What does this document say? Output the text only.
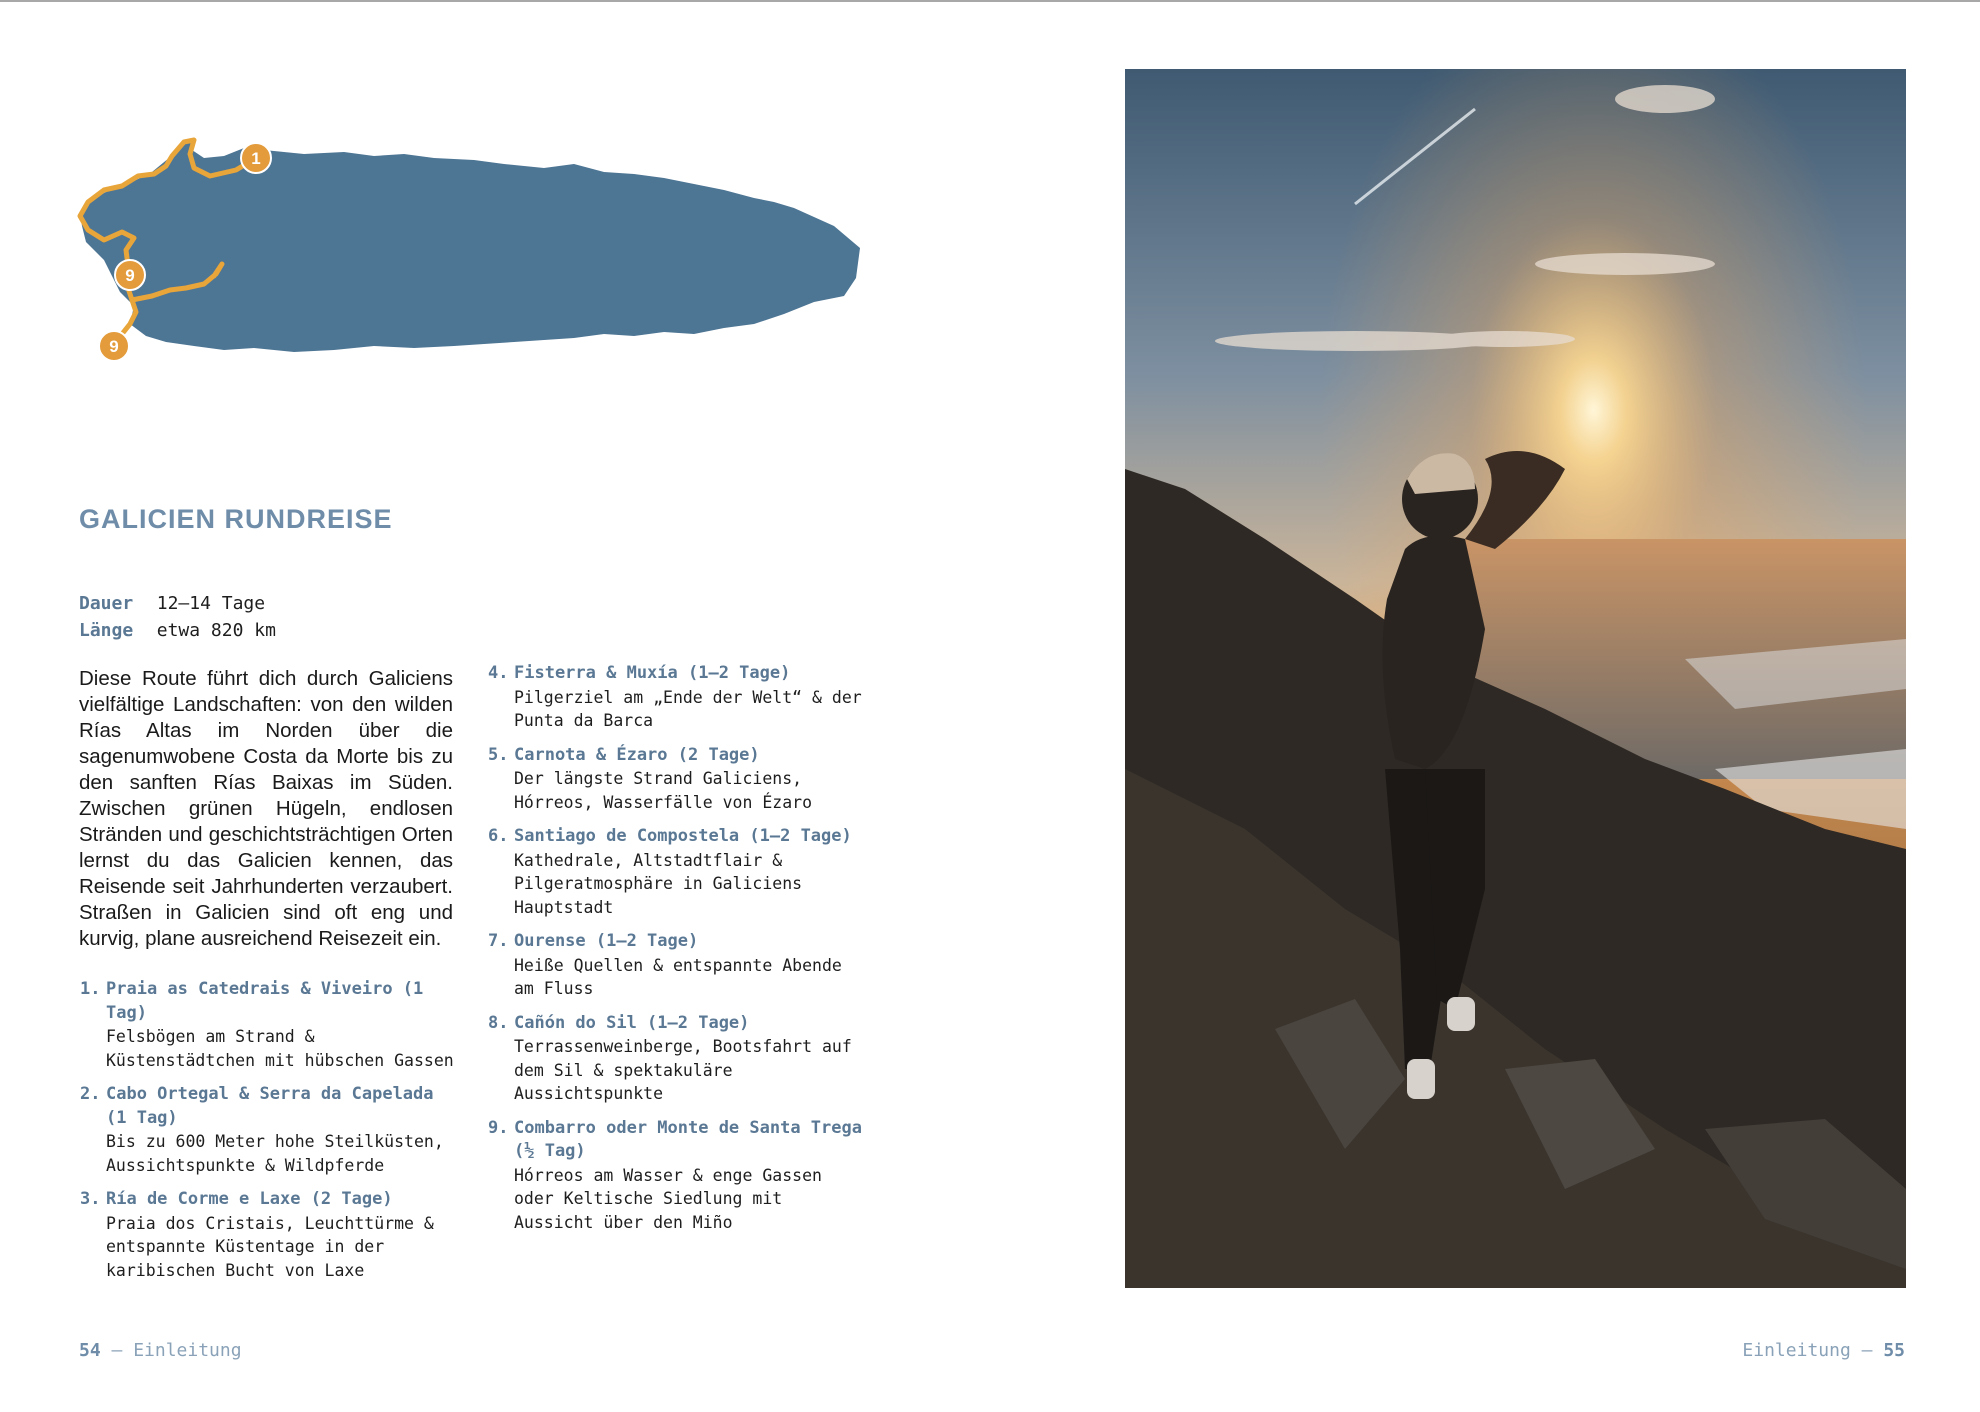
1
9
9
GALICIEN RUNDREISE
Dauer 12–14 Tage
Länge etwa 820 km
Diese Route führt dich durch Galiciens vielfältige Landschaften: von den wilden Rías Altas im Norden über die sagenumwobene Costa da Morte bis zu den sanften Rías Baixas im Süden. Zwischen grünen Hügeln, endlosen Stränden und geschichtsträchtigen Orten lernst du das Galicien kennen, das Reisende seit Jahrhunderten verzaubert. Straßen in Galicien sind oft eng und kurvig, plane ausreichend Reisezeit ein.
1. Praia as Catedrais & Viveiro (1 Tag)
Felsbögen am Strand & Küstenstädtchen mit hübschen Gassen
2. Cabo Ortegal & Serra da Capelada (1 Tag)
Bis zu 600 Meter hohe Steilküsten, Aussichtspunkte & Wildpferde
3. Ría de Corme e Laxe (2 Tage)
Praia dos Cristais, Leuchttürme & entspannte Küstentage in der karibischen Bucht von Laxe
4. Fisterra & Muxía (1–2 Tage)
Pilgerziel am „Ende der Welt“ & der Punta da Barca
5. Carnota & Ézaro (2 Tage)
Der längste Strand Galiciens, Hórreos, Wasserfälle von Ézaro
6. Santiago de Compostela (1–2 Tage)
Kathedrale, Altstadtflair & Pilgeratmosphäre in Galiciens Hauptstadt
7. Ourense (1–2 Tage)
Heiße Quellen & entspannte Abende am Fluss
8. Cañón do Sil (1–2 Tage)
Terrassenweinberge, Bootsfahrt auf dem Sil & spektakuläre Aussichtspunkte
9. Combarro oder Monte de Santa Trega (½ Tag)
Hórreos am Wasser & enge Gassen oder Keltische Siedlung mit Aussicht über den Miño
54 – Einleitung	Einleitung – 55
